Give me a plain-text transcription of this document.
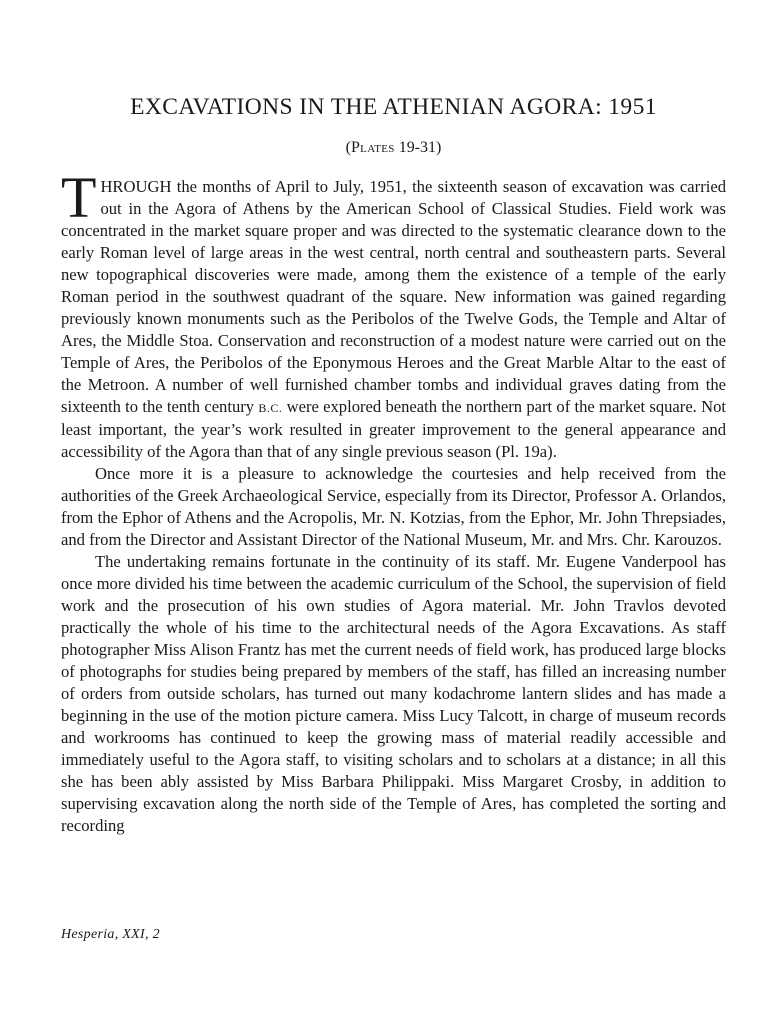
EXCAVATIONS IN THE ATHENIAN AGORA: 1951
(Plates 19-31)

THROUGH the months of April to July, 1951, the sixteenth season of excavation was carried out in the Agora of Athens by the American School of Classical Studies. Field work was concentrated in the market square proper and was directed to the systematic clearance down to the early Roman level of large areas in the west central, north central and southeastern parts. Several new topographical discoveries were made, among them the existence of a temple of the early Roman period in the southwest quadrant of the square. New information was gained regarding previously known monuments such as the Peribolos of the Twelve Gods, the Temple and Altar of Ares, the Middle Stoa. Conservation and reconstruction of a modest nature were carried out on the Temple of Ares, the Peribolos of the Eponymous Heroes and the Great Marble Altar to the east of the Metroon. A number of well furnished chamber tombs and individual graves dating from the sixteenth to the tenth century B.C. were explored beneath the northern part of the market square. Not least important, the year’s work resulted in greater improvement to the general appearance and accessibility of the Agora than that of any single previous season (Pl. 19a).

Once more it is a pleasure to acknowledge the courtesies and help received from the authorities of the Greek Archaeological Service, especially from its Director, Professor A. Orlandos, from the Ephor of Athens and the Acropolis, Mr. N. Kotzias, from the Ephor, Mr. John Threpsiades, and from the Director and Assistant Director of the National Museum, Mr. and Mrs. Chr. Karouzos.

The undertaking remains fortunate in the continuity of its staff. Mr. Eugene Vanderpool has once more divided his time between the academic curriculum of the School, the supervision of field work and the prosecution of his own studies of Agora material. Mr. John Travlos devoted practically the whole of his time to the architectural needs of the Agora Excavations. As staff photographer Miss Alison Frantz has met the current needs of field work, has produced large blocks of photographs for studies being prepared by members of the staff, has filled an increasing number of orders from outside scholars, has turned out many kodachrome lantern slides and has made a beginning in the use of the motion picture camera. Miss Lucy Talcott, in charge of museum records and workrooms has continued to keep the growing mass of material readily accessible and immediately useful to the Agora staff, to visiting scholars and to scholars at a distance; in all this she has been ably assisted by Miss Barbara Philippaki. Miss Margaret Crosby, in addition to supervising excavation along the north side of the Temple of Ares, has completed the sorting and recording

Hesperia, XXI, 2
